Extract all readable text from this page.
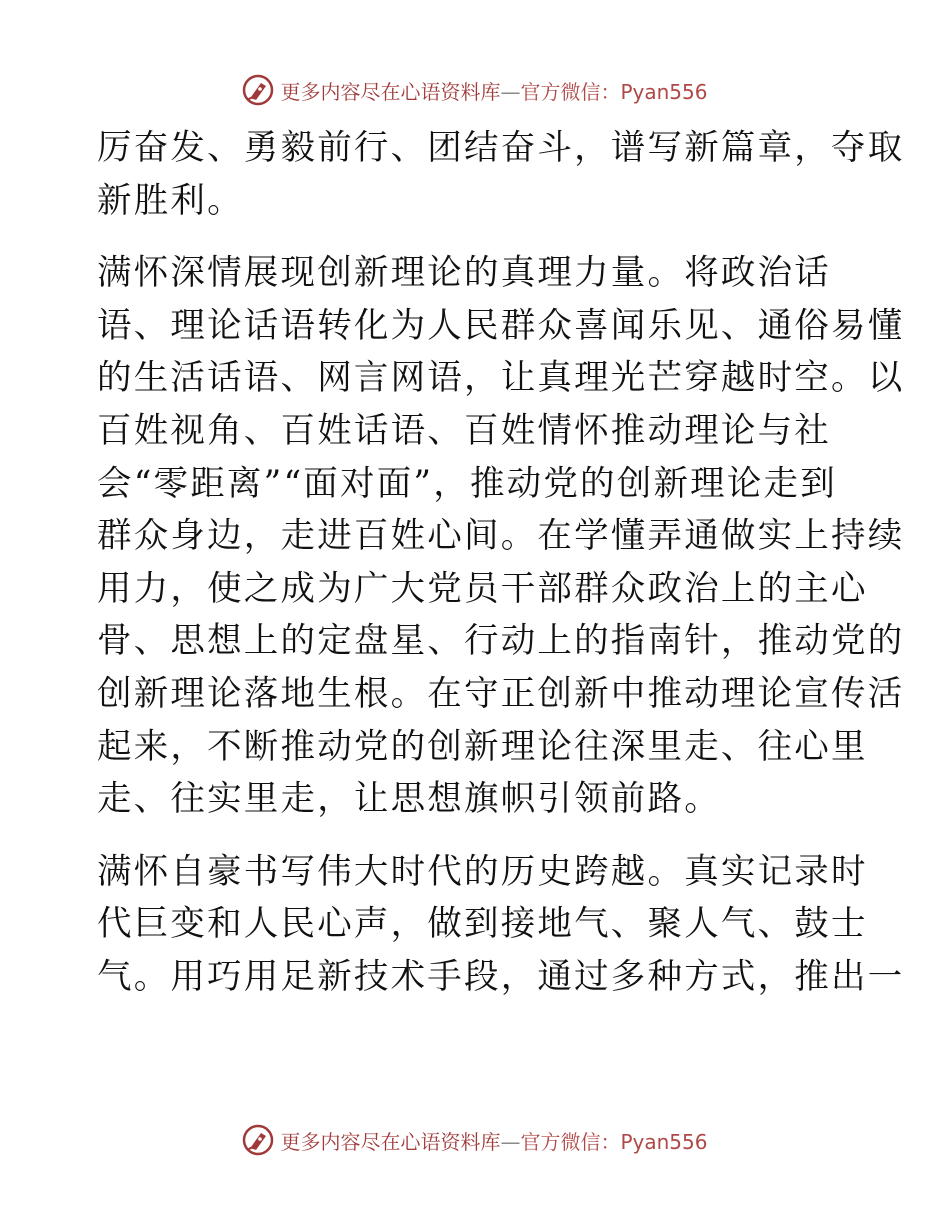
更多内容尽在心语资料库—官方微信：Pyan556
厉奋发、勇毅前行、团结奋斗，谱写新篇章，夺取
新胜利。
满怀深情展现创新理论的真理力量。将政治话
语、理论话语转化为人民群众喜闻乐见、通俗易懂
的生活话语、网言网语，让真理光芒穿越时空。以
百姓视角、百姓话语、百姓情怀推动理论与社
会“零距离”“面对面”，推动党的创新理论走到
群众身边，走进百姓心间。在学懂弄通做实上持续
用力，使之成为广大党员干部群众政治上的主心
骨、思想上的定盘星、行动上的指南针，推动党的
创新理论落地生根。在守正创新中推动理论宣传活
起来，不断推动党的创新理论往深里走、往心里
走、往实里走，让思想旗帜引领前路。
满怀自豪书写伟大时代的历史跨越。真实记录时
代巨变和人民心声，做到接地气、聚人气、鼓士
气。用巧用足新技术手段，通过多种方式，推出一
更多内容尽在心语资料库—官方微信：Pyan556
